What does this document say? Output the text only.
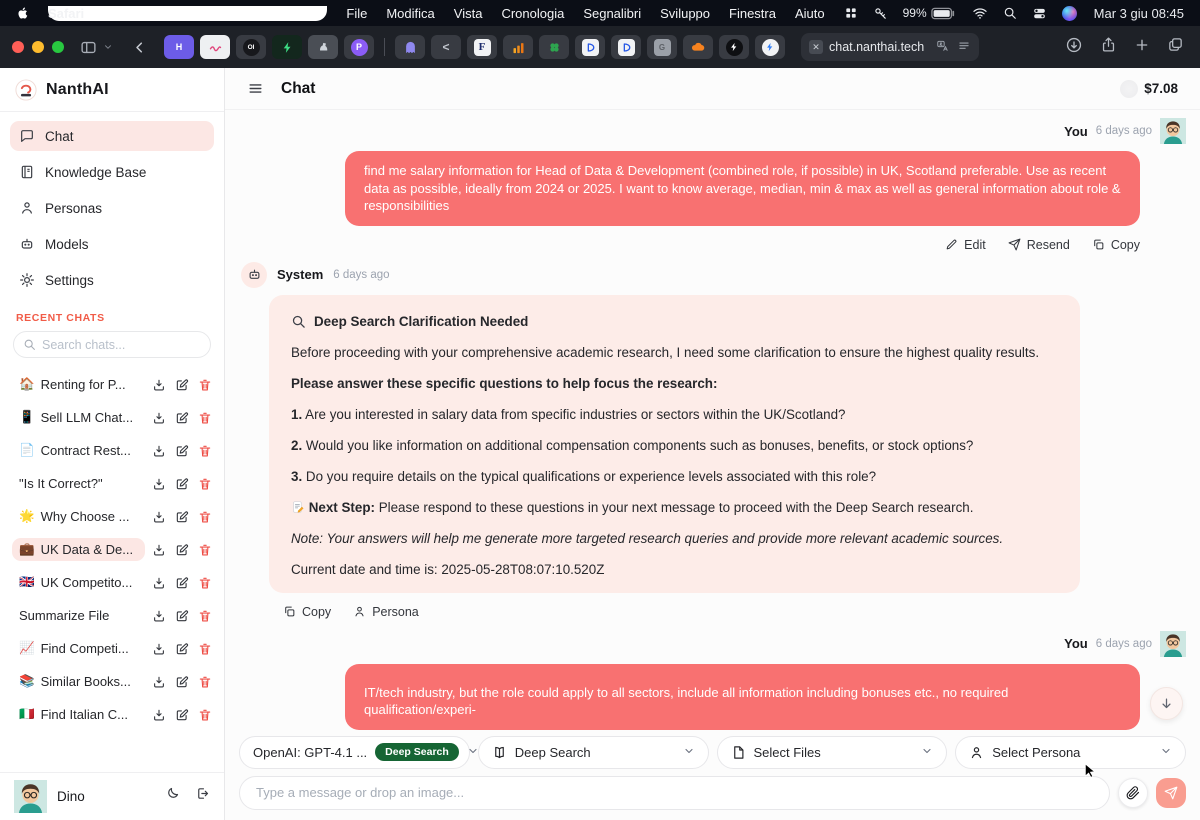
Safari	File Modifica Vista Cronologia Segnalibri Sviluppo Finestra Aiuto	99%	Mar 3 giu 08:45
H	OI	P	<	F	G	✕ chat.nanthai.tech
NanthAI
Chat
Knowledge Base
Personas
Models
Settings
RECENT CHATS
Search chats...
🏠 Renting for P...
📱 Sell LLM Chat...
📄 Contract Rest...
"Is It Correct?"
🌟 Why Choose ...
💼 UK Data & De...
🇬🇧 UK Competito...
Summarize File
📈 Find Competi...
📚 Similar Books...
🇮🇹 Find Italian C...
Dino
Chat	$7.08
You 6 days ago
find me salary information for Head of Data & Development (combined role, if possible) in UK, Scotland preferable. Use as recent data as possible, ideally from 2024 or 2025. I want to know average, median, min & max as well as general information about role & responsibilities
Edit	Resend	Copy
System 6 days ago

Deep Search Clarification Needed

Before proceeding with your comprehensive academic research, I need some clarification to ensure the highest quality results.

Please answer these specific questions to help focus the research:

1. Are you interested in salary data from specific industries or sectors within the UK/Scotland?

2. Would you like information on additional compensation components such as bonuses, benefits, or stock options?

3. Do you require details on the typical qualifications or experience levels associated with this role?

Next Step: Please respond to these questions in your next message to proceed with the Deep Search research.

Note: Your answers will help me generate more targeted research queries and provide more relevant academic sources.

Current date and time is: 2025-05-28T08:07:10.520Z

Copy	Persona
You 6 days ago
IT/tech industry, but the role could apply to all sectors, include all information including bonuses etc., no required qualification/experi-
OpenAI: GPT-4.1 ...	Deep Search	Deep Search	Select Files	Select Persona
Type a message or drop an image...
